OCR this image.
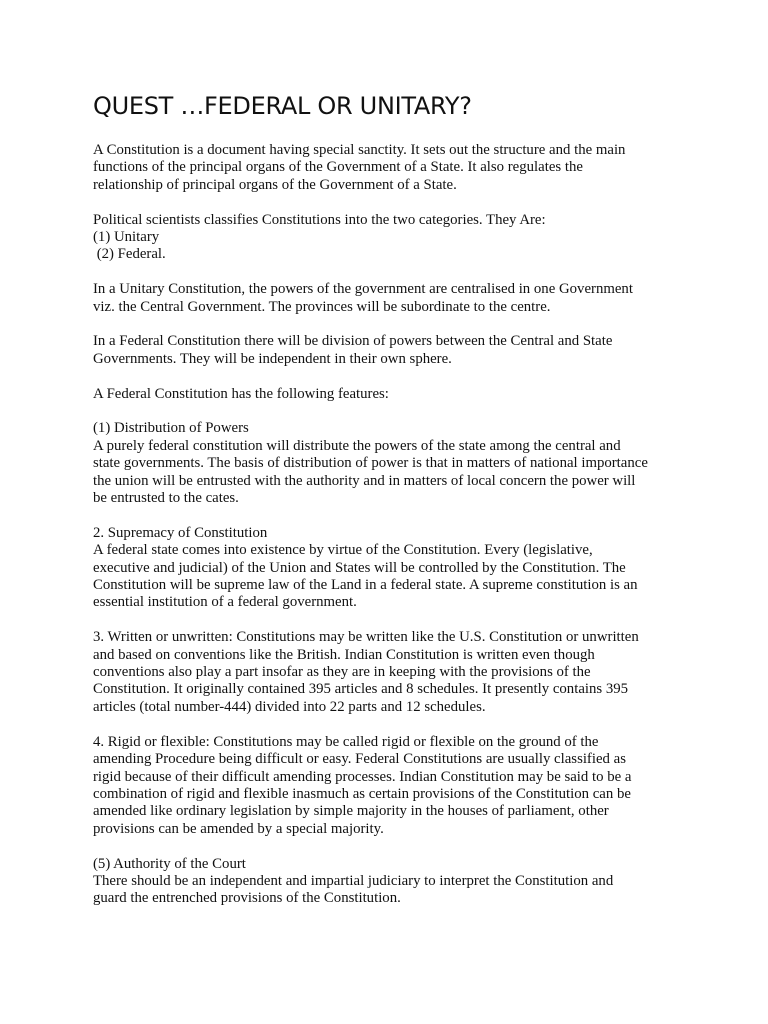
QUEST …FEDERAL OR UNITARY?

A Constitution is a document having special sanctity. It sets out the structure and the main
functions of the principal organs of the Government of a State. It also regulates the
relationship of principal organs of the Government of a State.

Political scientists classifies Constitutions into the two categories. They Are:
(1) Unitary
(2) Federal.

In a Unitary Constitution, the powers of the government are centralised in one Government
viz. the Central Government. The provinces will be subordinate to the centre.

In a Federal Constitution there will be division of powers between the Central and State
Governments. They will be independent in their own sphere.

A Federal Constitution has the following features:

(1) Distribution of Powers
A purely federal constitution will distribute the powers of the state among the central and
state governments. The basis of distribution of power is that in matters of national importance
the union will be entrusted with the authority and in matters of local concern the power will
be entrusted to the cates.

2. Supremacy of Constitution
A federal state comes into existence by virtue of the Constitution. Every (legislative,
executive and judicial) of the Union and States will be controlled by the Constitution. The
Constitution will be supreme law of the Land in a federal state. A supreme constitution is an
essential institution of a federal government.

3. Written or unwritten: Constitutions may be written like the U.S. Constitution or unwritten
and based on conventions like the British. Indian Constitution is written even though
conventions also play a part insofar as they are in keeping with the provisions of the
Constitution. It originally contained 395 articles and 8 schedules. It presently contains 395
articles (total number-444) divided into 22 parts and 12 schedules.

4. Rigid or flexible: Constitutions may be called rigid or flexible on the ground of the
amending Procedure being difficult or easy. Federal Constitutions are usually classified as
rigid because of their difficult amending processes. Indian Constitution may be said to be a
combination of rigid and flexible inasmuch as certain provisions of the Constitution can be
amended like ordinary legislation by simple majority in the houses of parliament, other
provisions can be amended by a special majority.

(5) Authority of the Court
There should be an independent and impartial judiciary to interpret the Constitution and
guard the entrenched provisions of the Constitution.
